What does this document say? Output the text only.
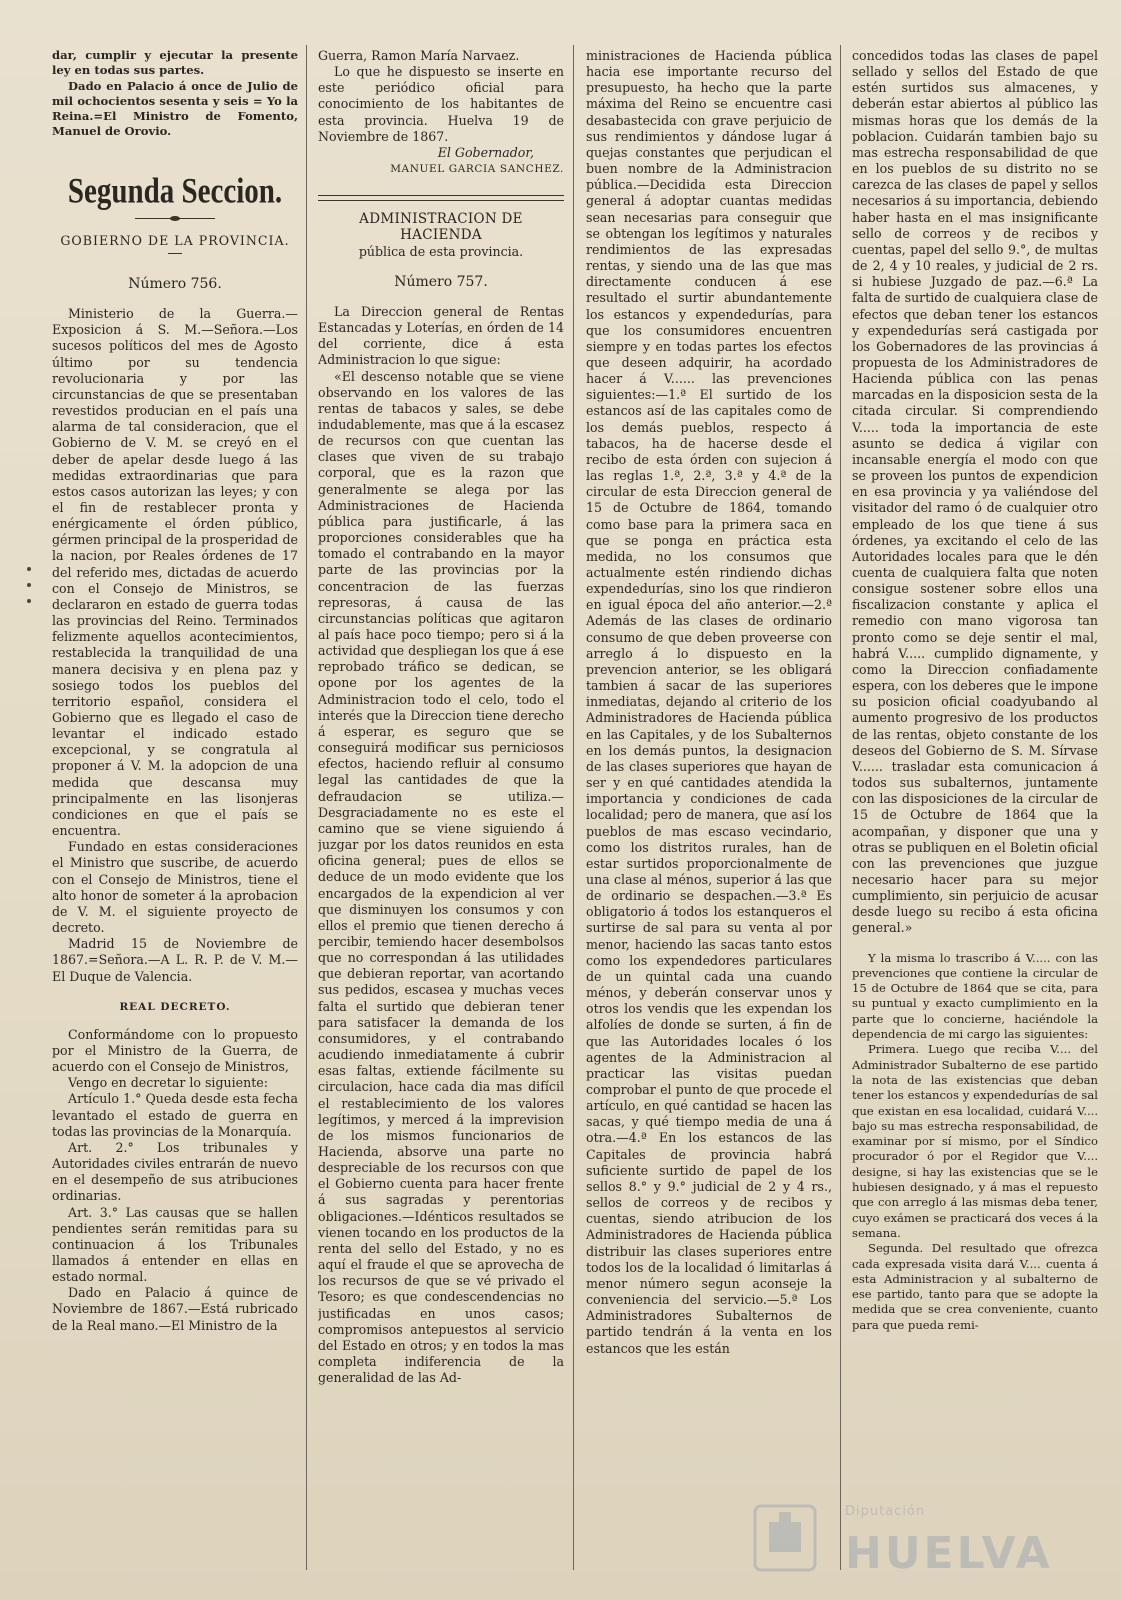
dar, cumplir y ejecutar la presente ley en todas sus partes.

Dado en Palacio á once de Julio de mil ochocientos sesenta y seis = Yo la Reina.=El Ministro de Fomento, Manuel de Orovio.

Segunda Seccion.

GOBIERNO DE LA PROVINCIA.

Número 756.

Ministerio de la Guerra.—Exposicion á S. M.—Señora.—Los sucesos políticos del mes de Agosto último por su tendencia revolucionaria y por las circunstancias de que se presentaban revestidos producian en el país una alarma de tal consideracion, que el Gobierno de V. M. se creyó en el deber de apelar desde luego á las medidas extraordinarias que para estos casos autorizan las leyes; y con el fin de restablecer pronta y enérgicamente el órden público, gérmen principal de la prosperidad de la nacion, por Reales órdenes de 17 del referido mes, dictadas de acuerdo con el Consejo de Ministros, se declararon en estado de guerra todas las provincias del Reino. Terminados felizmente aquellos acontecimientos, restablecida la tranquilidad de una manera decisiva y en plena paz y sosiego todos los pueblos del territorio español, considera el Gobierno que es llegado el caso de levantar el indicado estado excepcional, y se congratula al proponer á V. M. la adopcion de una medida que descansa muy principalmente en las lisonjeras condiciones en que el país se encuentra.

Fundado en estas consideraciones el Ministro que suscribe, de acuerdo con el Consejo de Ministros, tiene el alto honor de someter á la aprobacion de V. M. el siguiente proyecto de decreto.

Madrid 15 de Noviembre de 1867.=Señora.—A L. R. P. de V. M.—El Duque de Valencia.

REAL DECRETO.

Conformándome con lo propuesto por el Ministro de la Guerra, de acuerdo con el Consejo de Ministros,

Vengo en decretar lo siguiente:

Artículo 1.° Queda desde esta fecha levantado el estado de guerra en todas las provincias de la Monarquía.

Art. 2.° Los tribunales y Autoridades civiles entrarán de nuevo en el desempeño de sus atribuciones ordinarias.

Art. 3.° Las causas que se hallen pendientes serán remitidas para su continuacion á los Tribunales llamados á entender en ellas en estado normal.

Dado en Palacio á quince de Noviembre de 1867.—Está rubricado de la Real mano.—El Ministro de la

Guerra, Ramon María Narvaez.

Lo que he dispuesto se inserte en este periódico oficial para conocimiento de los habitantes de esta provincia. Huelva 19 de Noviembre de 1867.

El Gobernador,

MANUEL GARCIA SANCHEZ.

ADMINISTRACION DE HACIENDA

pública de esta provincia.

Número 757.

La Direccion general de Rentas Estancadas y Loterías, en órden de 14 del corriente, dice á esta Administracion lo que sigue:

«El descenso notable que se viene observando en los valores de las rentas de tabacos y sales, se debe indudablemente, mas que á la escasez de recursos con que cuentan las clases que viven de su trabajo corporal, que es la razon que generalmente se alega por las Administraciones de Hacienda pública para justificarle, á las proporciones considerables que ha tomado el contrabando en la mayor parte de las provincias por la concentracion de las fuerzas represoras, á causa de las circunstancias políticas que agitaron al país hace poco tiempo; pero si á la actividad que despliegan los que á ese reprobado tráfico se dedican, se opone por los agentes de la Administracion todo el celo, todo el interés que la Direccion tiene derecho á esperar, es seguro que se conseguirá modificar sus perniciosos efectos, haciendo refluir al consumo legal las cantidades de que la defraudacion se utiliza.—Desgraciadamente no es este el camino que se viene siguiendo á juzgar por los datos reunidos en esta oficina general; pues de ellos se deduce de un modo evidente que los encargados de la expendicion al ver que disminuyen los consumos y con ellos el premio que tienen derecho á percibir, temiendo hacer desembolsos que no correspondan á las utilidades que debieran reportar, van acortando sus pedidos, escasea y muchas veces falta el surtido que debieran tener para satisfacer la demanda de los consumidores, y el contrabando acudiendo inmediatamente á cubrir esas faltas, extiende fácilmente su circulacion, hace cada dia mas difícil el restablecimiento de los valores legítimos, y merced á la imprevision de los mismos funcionarios de Hacienda, absorve una parte no despreciable de los recursos con que el Gobierno cuenta para hacer frente á sus sagradas y perentorias obligaciones.—Idénticos resultados se vienen tocando en los productos de la renta del sello del Estado, y no es aquí el fraude el que se aprovecha de los recursos de que se vé privado el Tesoro; es que condescendencias no justificadas en unos casos; compromisos antepuestos al servicio del Estado en otros; y en todos la mas completa indiferencia de la generalidad de las Ad-

ministraciones de Hacienda pública hacia ese importante recurso del presupuesto, ha hecho que la parte máxima del Reino se encuentre casi desabastecida con grave perjuicio de sus rendimientos y dándose lugar á quejas constantes que perjudican el buen nombre de la Administracion pública.—Decidida esta Direccion general á adoptar cuantas medidas sean necesarias para conseguir que se obtengan los legítimos y naturales rendimientos de las expresadas rentas, y siendo una de las que mas directamente conducen á ese resultado el surtir abundantemente los estancos y expendedurías, para que los consumidores encuentren siempre y en todas partes los efectos que deseen adquirir, ha acordado hacer á V...... las prevenciones siguientes:—1.ª El surtido de los estancos así de las capitales como de los demás pueblos, respecto á tabacos, ha de hacerse desde el recibo de esta órden con sujecion á las reglas 1.ª, 2.ª, 3.ª y 4.ª de la circular de esta Direccion general de 15 de Octubre de 1864, tomando como base para la primera saca en que se ponga en práctica esta medida, no los consumos que actualmente estén rindiendo dichas expendedurías, sino los que rindieron en igual época del año anterior.—2.ª Además de las clases de ordinario consumo de que deben proveerse con arreglo á lo dispuesto en la prevencion anterior, se les obligará tambien á sacar de las superiores inmediatas, dejando al criterio de los Administradores de Hacienda pública en las Capitales, y de los Subalternos en los demás puntos, la designacion de las clases superiores que hayan de ser y en qué cantidades atendida la importancia y condiciones de cada localidad; pero de manera, que así los pueblos de mas escaso vecindario, como los distritos rurales, han de estar surtidos proporcionalmente de una clase al ménos, superior á las que de ordinario se despachen.—3.ª Es obligatorio á todos los estanqueros el surtirse de sal para su venta al por menor, haciendo las sacas tanto estos como los expendedores particulares de un quintal cada una cuando ménos, y deberán conservar unos y otros los vendis que les expendan los alfolíes de donde se surten, á fin de que las Autoridades locales ó los agentes de la Administracion al practicar las visitas puedan comprobar el punto de que procede el artículo, en qué cantidad se hacen las sacas, y qué tiempo media de una á otra.—4.ª En los estancos de las Capitales de provincia habrá suficiente surtido de papel de los sellos 8.° y 9.° judicial de 2 y 4 rs., sellos de correos y de recibos y cuentas, siendo atribucion de los Administradores de Hacienda pública distribuir las clases superiores entre todos los de la localidad ó limitarlas á menor número segun aconseje la conveniencia del servicio.—5.ª Los Administradores Subalternos de partido tendrán á la venta en los estancos que les están

concedidos todas las clases de papel sellado y sellos del Estado de que estén surtidos sus almacenes, y deberán estar abiertos al público las mismas horas que los demás de la poblacion. Cuidarán tambien bajo su mas estrecha responsabilidad de que en los pueblos de su distrito no se carezca de las clases de papel y sellos necesarios á su importancia, debiendo haber hasta en el mas insignificante sello de correos y de recibos y cuentas, papel del sello 9.°, de multas de 2, 4 y 10 reales, y judicial de 2 rs. si hubiese Juzgado de paz.—6.ª La falta de surtido de cualquiera clase de efectos que deban tener los estancos y expendedurías será castigada por los Gobernadores de las provincias á propuesta de los Administradores de Hacienda pública con las penas marcadas en la disposicion sesta de la citada circular. Si comprendiendo V..... toda la importancia de este asunto se dedica á vigilar con incansable energía el modo con que se proveen los puntos de expendicion en esa provincia y ya valiéndose del visitador del ramo ó de cualquier otro empleado de los que tiene á sus órdenes, ya excitando el celo de las Autoridades locales para que le dén cuenta de cualquiera falta que noten consigue sostener sobre ellos una fiscalizacion constante y aplica el remedio con mano vigorosa tan pronto como se deje sentir el mal, habrá V..... cumplido dignamente, y como la Direccion confiadamente espera, con los deberes que le impone su posicion oficial coadyubando al aumento progresivo de los productos de las rentas, objeto constante de los deseos del Gobierno de S. M. Sírvase V...... trasladar esta comunicacion á todos sus subalternos, juntamente con las disposiciones de la circular de 15 de Octubre de 1864 que la acompañan, y disponer que una y otras se publiquen en el Boletin oficial con las prevenciones que juzgue necesario hacer para su mejor cumplimiento, sin perjuicio de acusar desde luego su recibo á esta oficina general.»

Y la misma lo trascribo á V..... con las prevenciones que contiene la circular de 15 de Octubre de 1864 que se cita, para su puntual y exacto cumplimiento en la parte que lo concierne, haciéndole la dependencia de mi cargo las siguientes:

Primera. Luego que reciba V.... del Administrador Subalterno de ese partido la nota de las existencias que deban tener los estancos y expendedurías de sal que existan en esa localidad, cuidará V.... bajo su mas estrecha responsabilidad, de examinar por sí mismo, por el Síndico procurador ó por el Regidor que V.... designe, si hay las existencias que se le hubiesen designado, y á mas el repuesto que con arreglo á las mismas deba tener, cuyo exámen se practicará dos veces á la semana.

Segunda. Del resultado que ofrezca cada expresada visita dará V.... cuenta á esta Administracion y al subalterno de ese partido, tanto para que se adopte la medida que se crea conveniente, cuanto para que pueda remi-

Diputación
HUELVA
